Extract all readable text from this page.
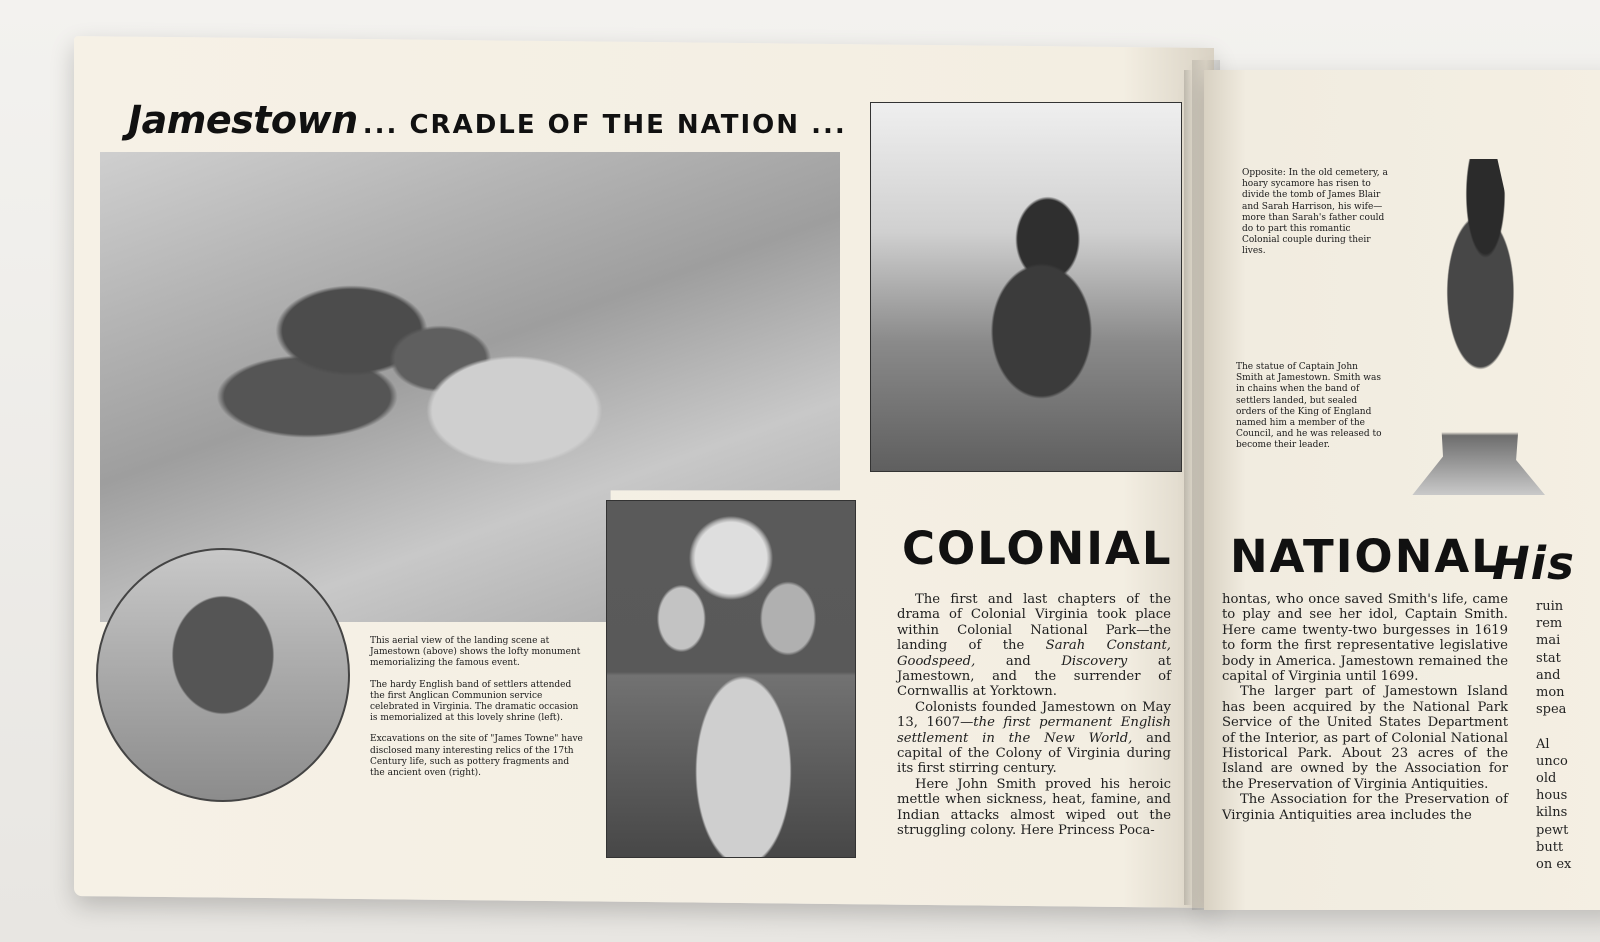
Jamestown ... CRADLE OF THE NATION ...

This aerial view of the landing scene at Jamestown (above) shows the lofty monument memorializing the famous event.

The hardy English band of settlers attended the first Anglican Communion service celebrated in Virginia. The dramatic occasion is memorialized at this lovely shrine (left).

Excavations on the site of "James Towne" have disclosed many interesting relics of the 17th Century life, such as pottery fragments and the ancient oven (right).

Opposite: In the old cemetery, a hoary sycamore has risen to divide the tomb of James Blair and Sarah Harrison, his wife—more than Sarah's father could do to part this romantic Colonial couple during their lives.

The statue of Captain John Smith at Jamestown. Smith was in chains when the band of settlers landed, but sealed orders of the King of England named him a member of the Council, and he was released to become their leader.

COLONIAL NATIONAL
His

The first and last chapters of the drama of Colonial Virginia took place within Colonial National Park—the landing of the Sarah Constant, Goodspeed, and Discovery at Jamestown, and the surrender of Cornwallis at Yorktown.

Colonists founded Jamestown on May 13, 1607—the first permanent English settlement in the New World, and capital of the Colony of Virginia during its first stirring century.

Here John Smith proved his heroic mettle when sickness, heat, famine, and Indian attacks almost wiped out the struggling colony. Here Princess Poca-

hontas, who once saved Smith's life, came to play and see her idol, Captain Smith. Here came twenty-two burgesses in 1619 to form the first representative legislative body in America. Jamestown remained the capital of Virginia until 1699.

The larger part of Jamestown Island has been acquired by the National Park Service of the United States Department of the Interior, as part of Colonial National Historical Park. About 23 acres of the Island are owned by the Association for the Preservation of Virginia Antiquities.

The Association for the Preservation of Virginia Antiquities area includes the

ruin
rem
mai
stat
and
mon
spea

Al
unco
old
hous
kilns
pewt
butt
on ex
